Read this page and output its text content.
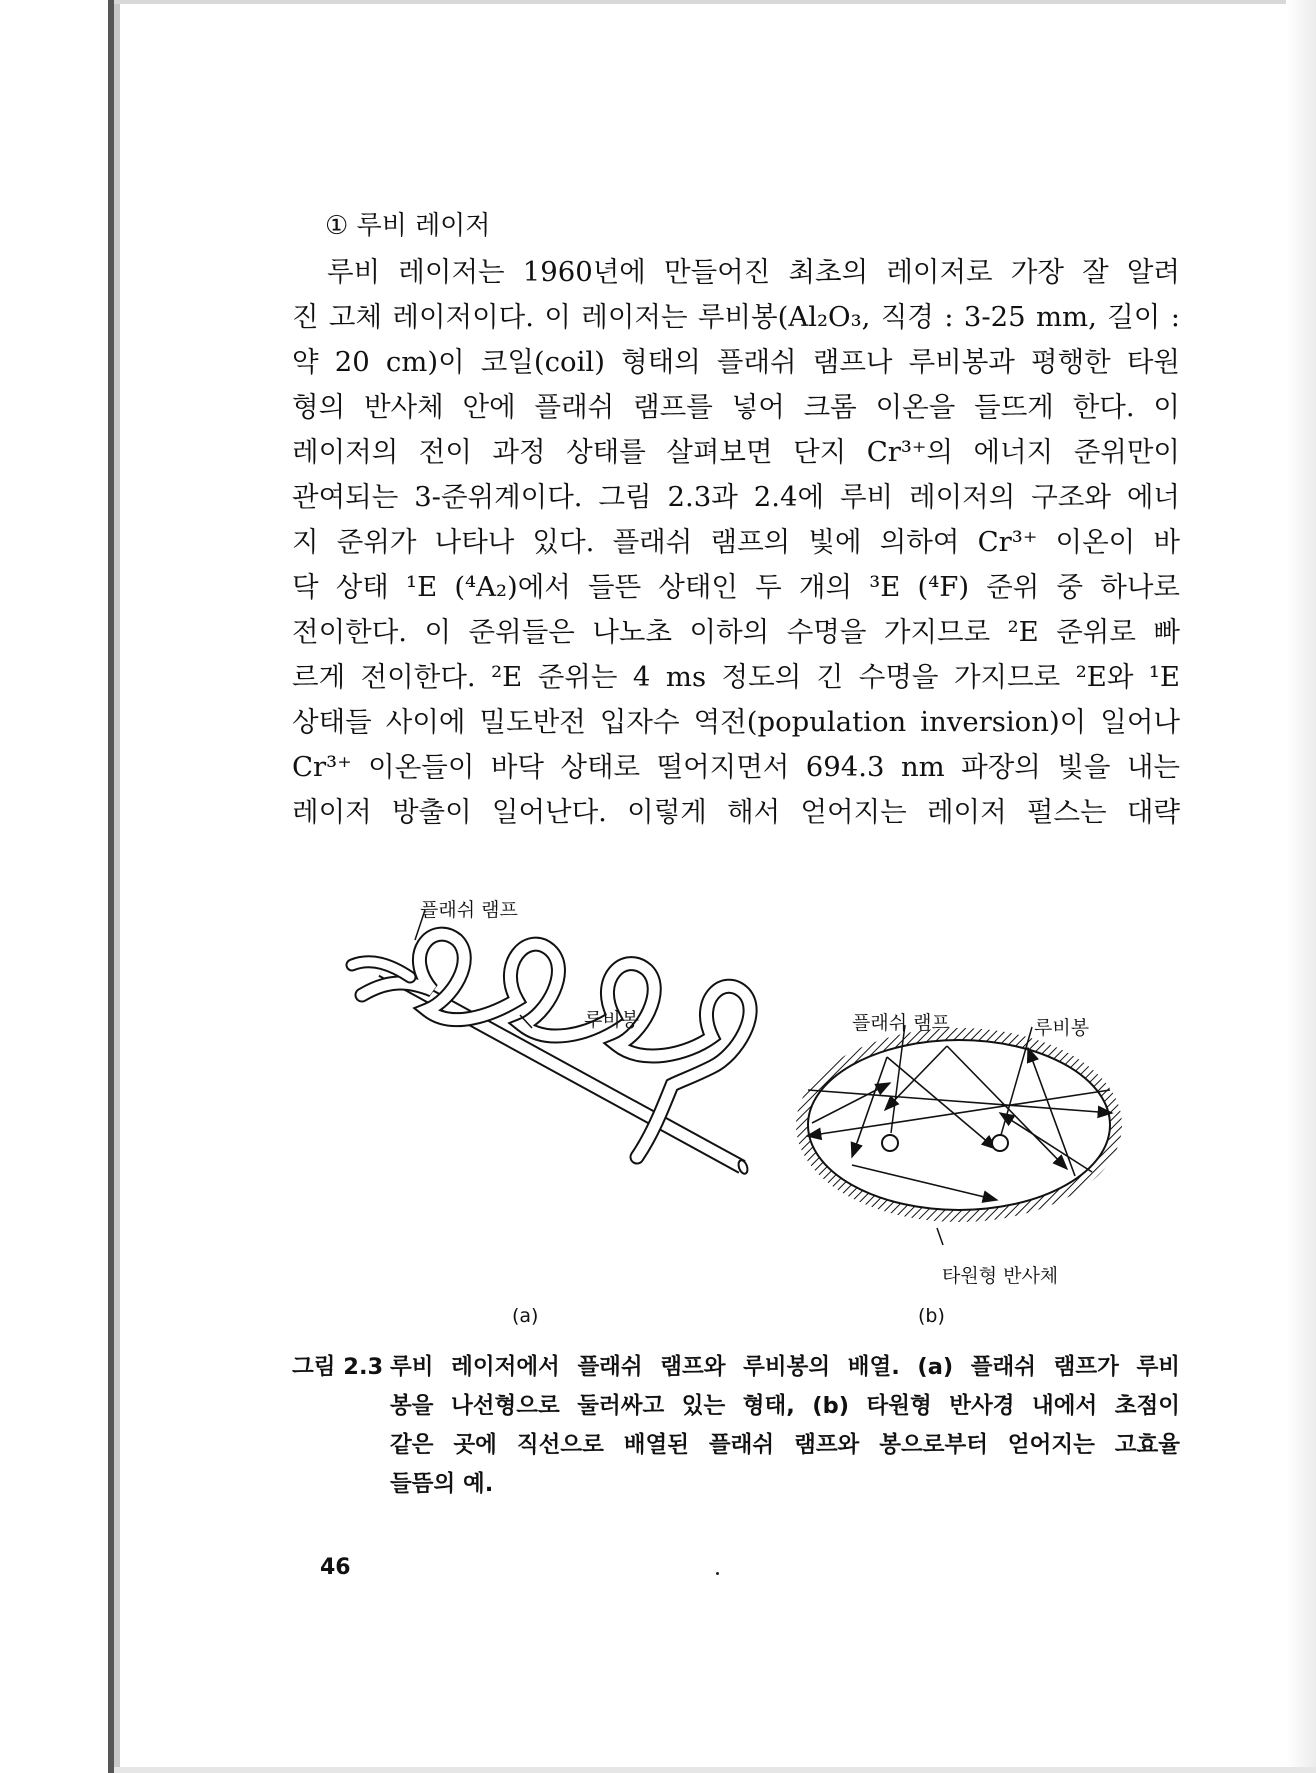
① 루비 레이저
루비 레이저는 1960년에 만들어진 최초의 레이저로 가장 잘 알려
진 고체 레이저이다. 이 레이저는 루비봉(Al₂O₃, 직경 : 3-25 mm, 길이 :
약 20 cm)이 코일(coil) 형태의 플래쉬 램프나 루비봉과 평행한 타원
형의 반사체 안에 플래쉬 램프를 넣어 크롬 이온을 들뜨게 한다. 이
레이저의 전이 과정 상태를 살펴보면 단지 Cr³⁺의 에너지 준위만이
관여되는 3-준위계이다. 그림 2.3과 2.4에 루비 레이저의 구조와 에너
지 준위가 나타나 있다. 플래쉬 램프의 빛에 의하여 Cr³⁺ 이온이 바
닥 상태 ¹E (⁴A₂)에서 들뜬 상태인 두 개의 ³E (⁴F) 준위 중 하나로
전이한다. 이 준위들은 나노초 이하의 수명을 가지므로 ²E 준위로 빠
르게 전이한다. ²E 준위는 4 ms 정도의 긴 수명을 가지므로 ²E와 ¹E
상태들 사이에 밀도반전 입자수 역전(population inversion)이 일어나
Cr³⁺ 이온들이 바닥 상태로 떨어지면서 694.3 nm 파장의 빛을 내는
레이저 방출이 일어난다. 이렇게 해서 얻어지는 레이저 펄스는 대략
플래쉬 램프
루비봉	플래쉬 램프	루비봉
타원형 반사체
(a)	(b)
그림 2.3 루비 레이저에서 플래쉬 램프와 루비봉의 배열. (a) 플래쉬 램프가 루비
봉을 나선형으로 둘러싸고 있는 형태, (b) 타원형 반사경 내에서 초점이
같은 곳에 직선으로 배열된 플래쉬 램프와 봉으로부터 얻어지는 고효율
들뜸의 예.
46
